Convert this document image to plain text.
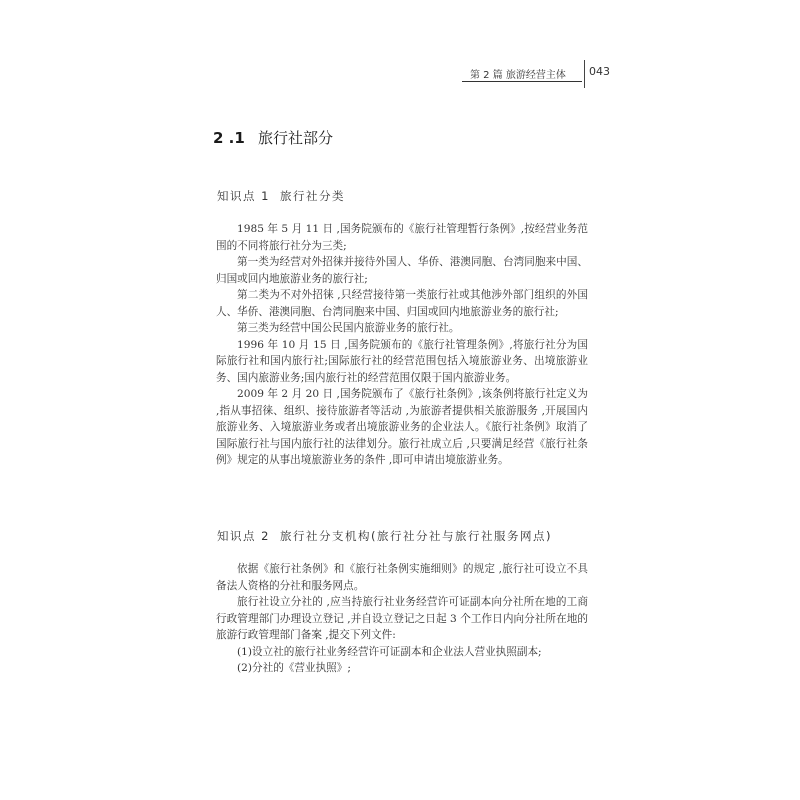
第 2 篇 旅游经营主体 043
2 .1 旅行社部分
知识点 1 旅行社分类

1985 年 5 月 11 日 ,国务院颁布的《旅行社管理暂行条例》,按经营业务范围的不同将旅行社分为三类;

第一类为经营对外招徕并接待外国人、华侨、港澳同胞、台湾同胞来中国、归国或回内地旅游业务的旅行社;

第二类为不对外招徕 ,只经营接待第一类旅行社或其他涉外部门组织的外国人、华侨、港澳同胞、台湾同胞来中国、归国或回内地旅游业务的旅行社;

第三类为经营中国公民国内旅游业务的旅行社。

1996 年 10 月 15 日 ,国务院颁布的《旅行社管理条例》,将旅行社分为国际旅行社和国内旅行社;国际旅行社的经营范围包括入境旅游业务、出境旅游业务、国内旅游业务;国内旅行社的经营范围仅限于国内旅游业务。

2009 年 2 月 20 日 ,国务院颁布了《旅行社条例》,该条例将旅行社定义为 ,指从事招徕、组织、接待旅游者等活动 ,为旅游者提供相关旅游服务 ,开展国内旅游业务、入境旅游业务或者出境旅游业务的企业法人。《旅行社条例》取消了国际旅行社与国内旅行社的法律划分。旅行社成立后 ,只要满足经营《旅行社条例》规定的从事出境旅游业务的条件 ,即可申请出境旅游业务。

知识点 2 旅行社分支机构(旅行社分社与旅行社服务网点)

依据《旅行社条例》和《旅行社条例实施细则》的规定 ,旅行社可设立不具备法人资格的分社和服务网点。

旅行社设立分社的 ,应当持旅行社业务经营许可证副本向分社所在地的工商行政管理部门办理设立登记 ,并自设立登记之日起 3 个工作日内向分社所在地的旅游行政管理部门备案 ,提交下列文件:

(1)设立社的旅行社业务经营许可证副本和企业法人营业执照副本;

(2)分社的《营业执照》;
